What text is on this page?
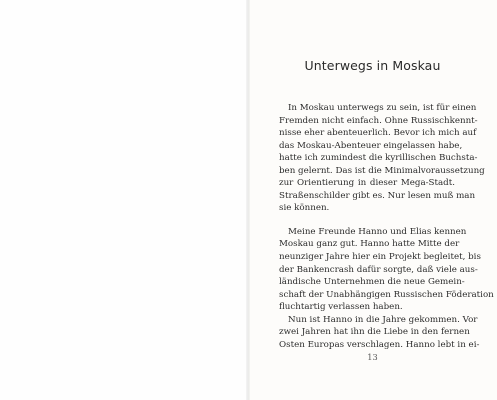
Unterwegs in Moskau

In Moskau unterwegs zu sein, ist für einen
Fremden nicht einfach. Ohne Russischkennt-
nisse eher abenteuerlich. Bevor ich mich auf
das Moskau-Abenteuer eingelassen habe,
hatte ich zumindest die kyrillischen Buchsta-
ben gelernt. Das ist die Minimalvoraussetzung
zur Orientierung in dieser Mega-Stadt.
Straßenschilder gibt es. Nur lesen muß man
sie können.

Meine Freunde Hanno und Elias kennen
Moskau ganz gut. Hanno hatte Mitte der
neunziger Jahre hier ein Projekt begleitet, bis
der Bankencrash dafür sorgte, daß viele aus-
ländische Unternehmen die neue Gemein-
schaft der Unabhängigen Russischen Föderation
fluchtartig verlassen haben.

Nun ist Hanno in die Jahre gekommen. Vor
zwei Jahren hat ihn die Liebe in den fernen
Osten Europas verschlagen. Hanno lebt in ei-

13
